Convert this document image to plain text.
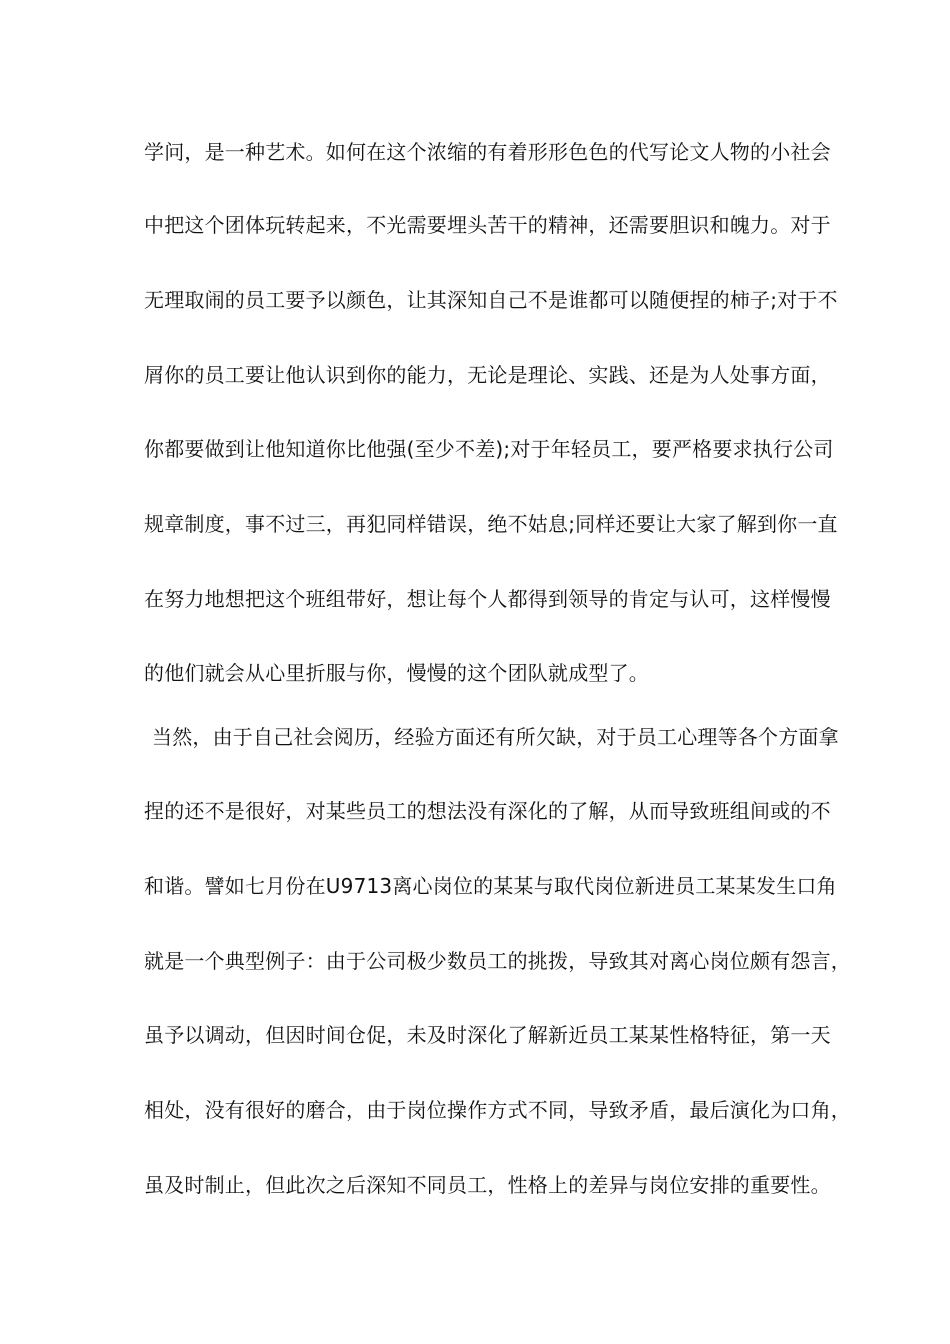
学问，是一种艺术。如何在这个浓缩的有着形形色色的代写论文人物的小社会
中把这个团体玩转起来，不光需要埋头苦干的精神，还需要胆识和魄力。对于
无理取闹的员工要予以颜色，让其深知自己不是谁都可以随便捏的柿子;对于不
屑你的员工要让他认识到你的能力，无论是理论、实践、还是为人处事方面，
你都要做到让他知道你比他强(至少不差);对于年轻员工，要严格要求执行公司
规章制度，事不过三，再犯同样错误，绝不姑息;同样还要让大家了解到你一直
在努力地想把这个班组带好，想让每个人都得到领导的肯定与认可，这样慢慢
的他们就会从心里折服与你，慢慢的这个团队就成型了。
当然，由于自己社会阅历，经验方面还有所欠缺，对于员工心理等各个方面拿
捏的还不是很好，对某些员工的想法没有深化的了解，从而导致班组间或的不
和谐。譬如七月份在U9713离心岗位的某某与取代岗位新进员工某某发生口角
就是一个典型例子：由于公司极少数员工的挑拨，导致其对离心岗位颇有怨言，
虽予以调动，但因时间仓促，未及时深化了解新近员工某某性格特征，第一天
相处，没有很好的磨合，由于岗位操作方式不同，导致矛盾，最后演化为口角，
虽及时制止，但此次之后深知不同员工，性格上的差异与岗位安排的重要性。
